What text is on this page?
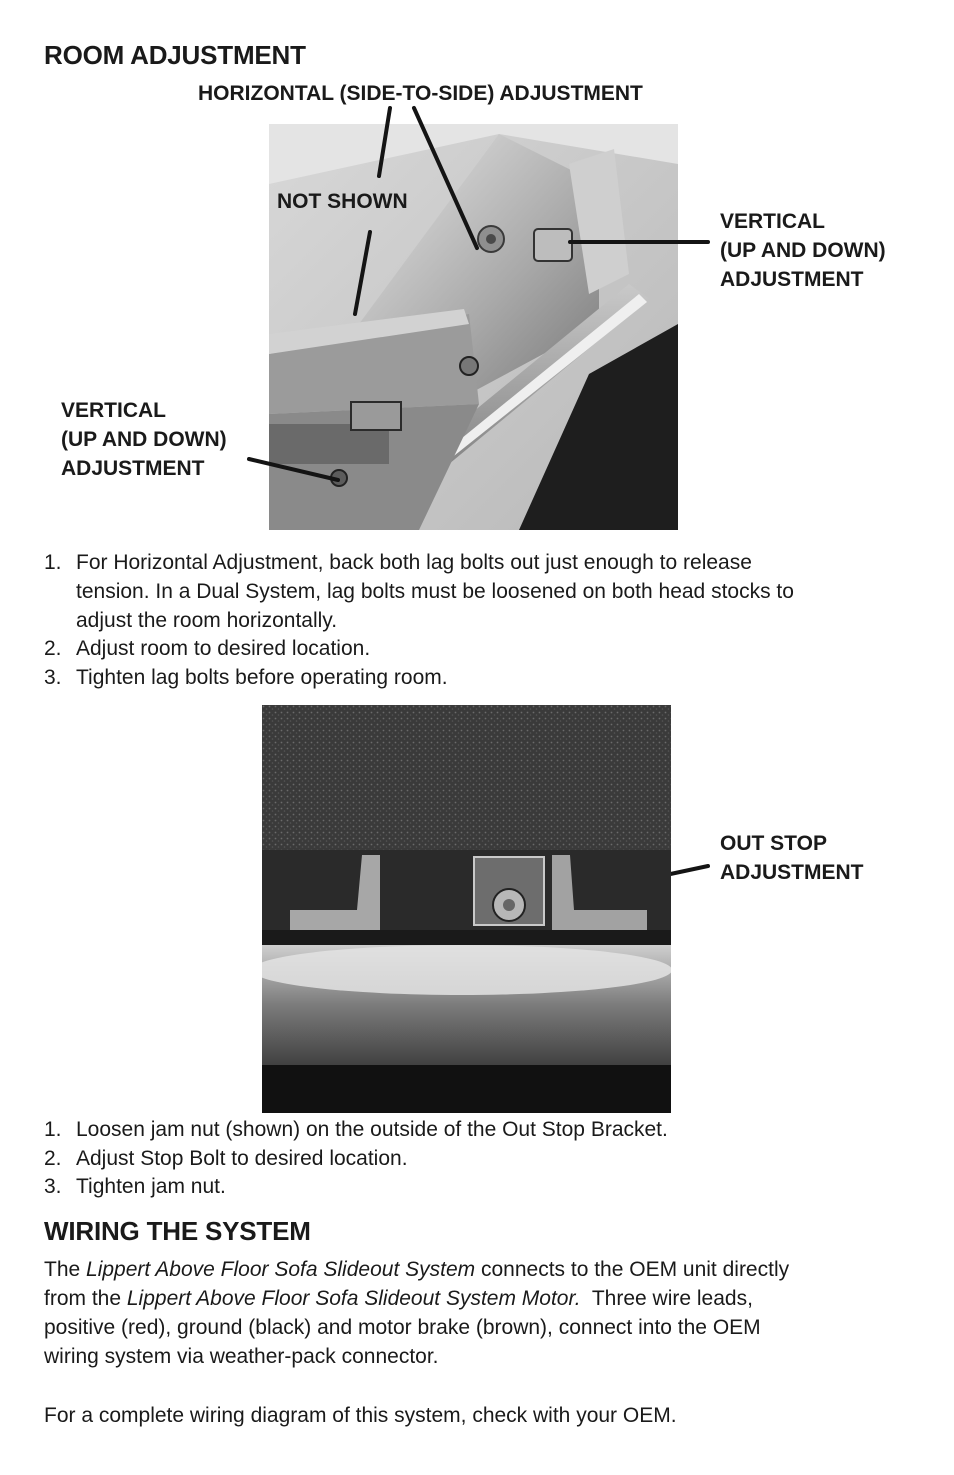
ROOM ADJUSTMENT
HORIZONTAL (SIDE-TO-SIDE) ADJUSTMENT
NOT SHOWN
VERTICAL
(UP AND DOWN)
ADJUSTMENT
VERTICAL
(UP AND DOWN)
ADJUSTMENT
1. For Horizontal Adjustment, back both lag bolts out just enough to release
tension. In a Dual System, lag bolts must be loosened on both head stocks to
adjust the room horizontally.
2. Adjust room to desired location.
3. Tighten lag bolts before operating room.
OUT STOP
ADJUSTMENT
1. Loosen jam nut (shown) on the outside of the Out Stop Bracket.
2. Adjust Stop Bolt to desired location.
3. Tighten jam nut.
WIRING THE SYSTEM
The Lippert Above Floor Sofa Slideout System connects to the OEM unit directly
from the Lippert Above Floor Sofa Slideout System Motor.  Three wire leads,
positive (red), ground (black) and motor brake (brown), connect into the OEM
wiring system via weather-pack connector.
For a complete wiring diagram of this system, check with your OEM.
